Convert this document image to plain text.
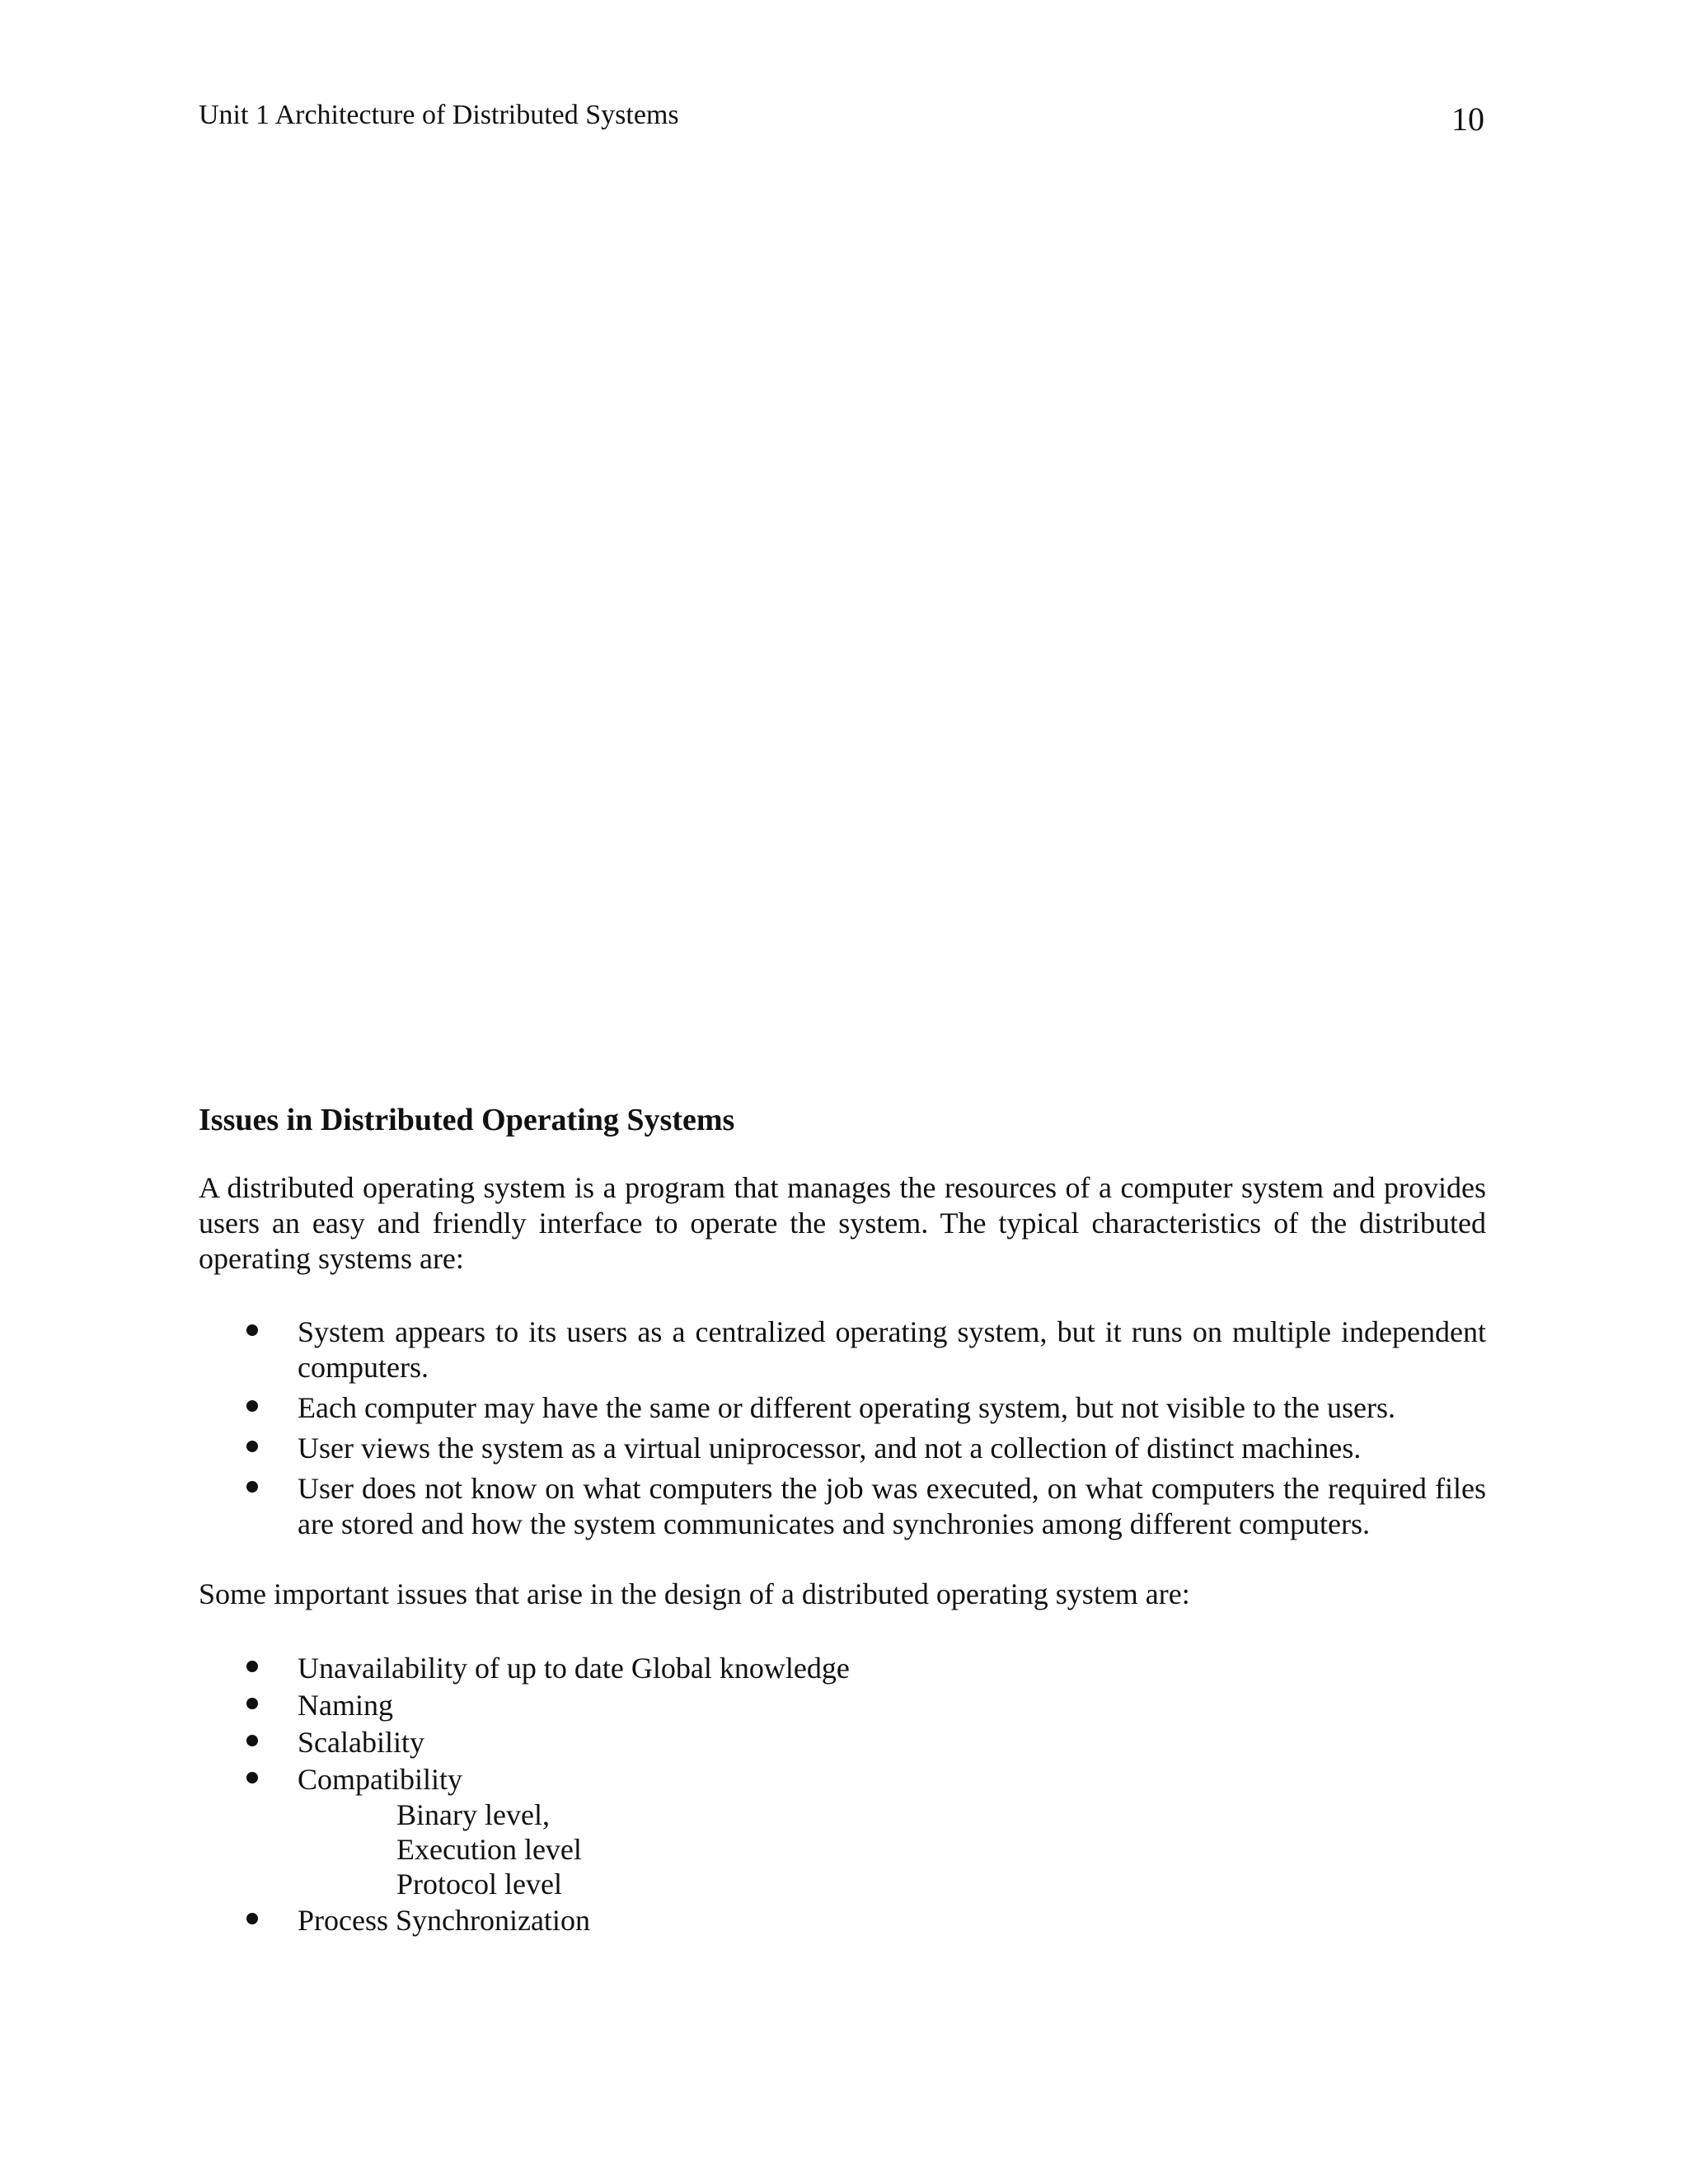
Unit 1 Architecture of Distributed Systems	10
Issues in Distributed Operating Systems
A distributed operating system is a program that manages the resources of a computer system and provides users an easy and friendly interface to operate the system. The typical characteristics of the distributed operating systems are:
System appears to its users as a centralized operating system, but it runs on multiple independent computers.
Each computer may have the same or different operating system, but not visible to the users.
User views the system as a virtual uniprocessor, and not a collection of distinct machines.
User does not know on what computers the job was executed, on what computers the required files are stored and how the system communicates and synchronies among different computers.
Some important issues that arise in the design of a distributed operating system are:
Unavailability of up to date Global knowledge
Naming
Scalability
Compatibility
Binary level,
Execution level
Protocol level
Process Synchronization
